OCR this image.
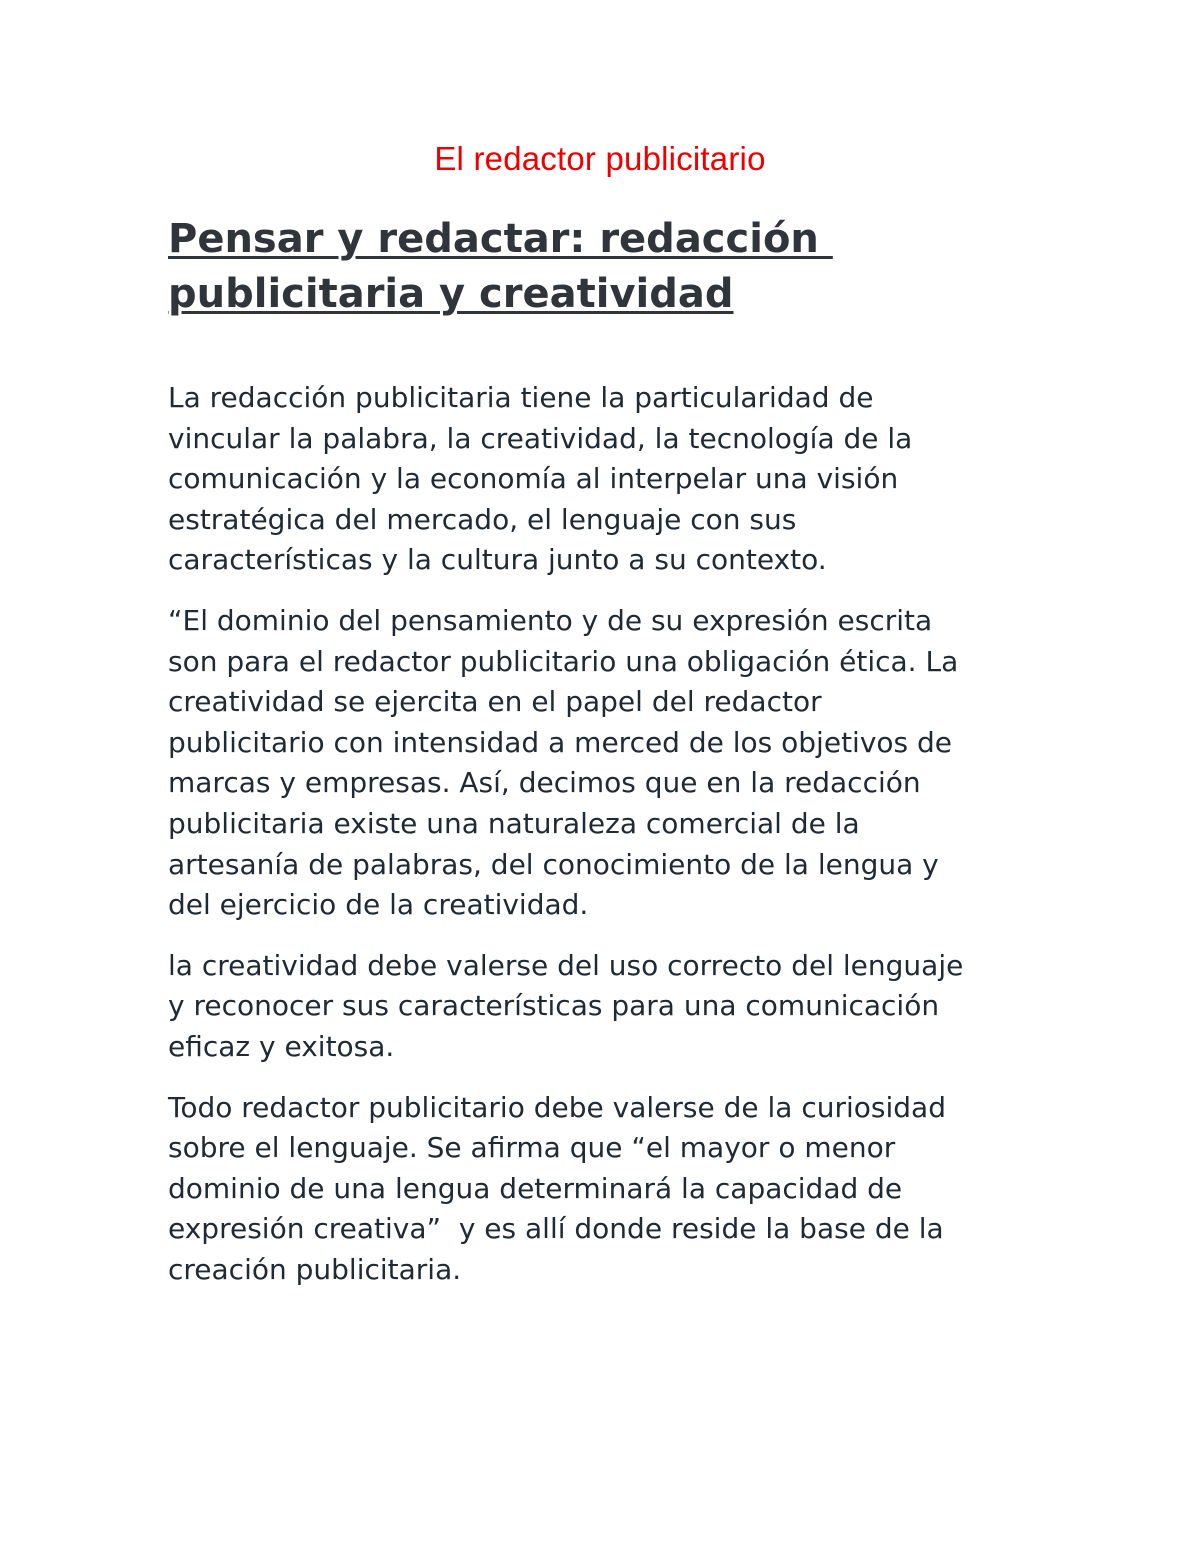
El redactor publicitario
Pensar y redactar: redacción
publicitaria y creatividad

La redacción publicitaria tiene la particularidad de
vincular la palabra, la creatividad, la tecnología de la
comunicación y la economía al interpelar una visión
estratégica del mercado, el lenguaje con sus
características y la cultura junto a su contexto.

“El dominio del pensamiento y de su expresión escrita
son para el redactor publicitario una obligación ética. La
creatividad se ejercita en el papel del redactor
publicitario con intensidad a merced de los objetivos de
marcas y empresas. Así, decimos que en la redacción
publicitaria existe una naturaleza comercial de la
artesanía de palabras, del conocimiento de la lengua y
del ejercicio de la creatividad.

la creatividad debe valerse del uso correcto del lenguaje
y reconocer sus características para una comunicación
eficaz y exitosa.

Todo redactor publicitario debe valerse de la curiosidad
sobre el lenguaje. Se afirma que “el mayor o menor
dominio de una lengua determinará la capacidad de
expresión creativa”  y es allí donde reside la base de la
creación publicitaria.
